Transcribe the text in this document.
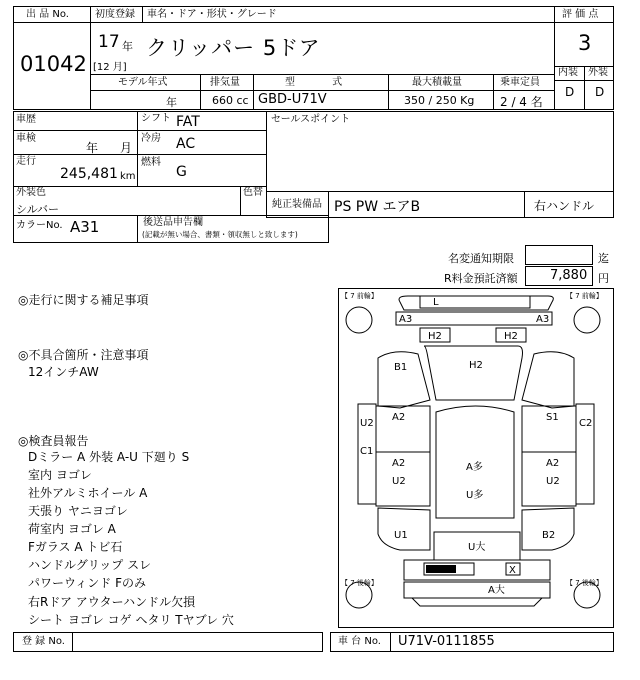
出 品 No.
01042
初度登録 車名・ドア・形状・グレード
17 年
[12 月]
クリッパー 5ドア
評 価 点
3
内装 外装
D D
モデル年式	排気量	型 式	最大積載量	乗車定員
年	660 cc GBD-U71V	350 / 250 Kg 2 / 4 名
車歴
車検
年 月
走行
245,481 km
シフト FAT
冷房 AC
燃料
G
セールスポイント
外装色
シルバー
色替
純正装備品 PS PW エアB	右ハンドル
カラーNo. A31	後送品申告欄
(記載が無い場合、書類・領収無しと致します)
名変通知期限	迄
R料金預託済額 7,880 円
◎走行に関する補足事項
◎不具合箇所・注意事項
12インチAW
◎検査員報告
Dミラー A 外装 A-U 下廻り S
室内 ヨゴレ
社外アルミホイール A
天張り ヤニヨゴレ
荷室内 ヨゴレ A
Fガラス A トビ石
ハンドルグリップ スレ
パワーウィンド Fのみ
右Rドア アウターハンドル欠損
シート ヨゴレ コゲ ヘタリ Tヤブレ 穴
【 7 前輪】	【 7 前輪】
【 7 後輪】	【 7 後輪】
L
A3	A3
H2	H2
H2
B1
U2
A2	S1
C2
C1
A2
U2
A多
U多
A2
U2
U1	B2
U大
X
A大
登 録 No.	車 台 No. U71V-0111855
